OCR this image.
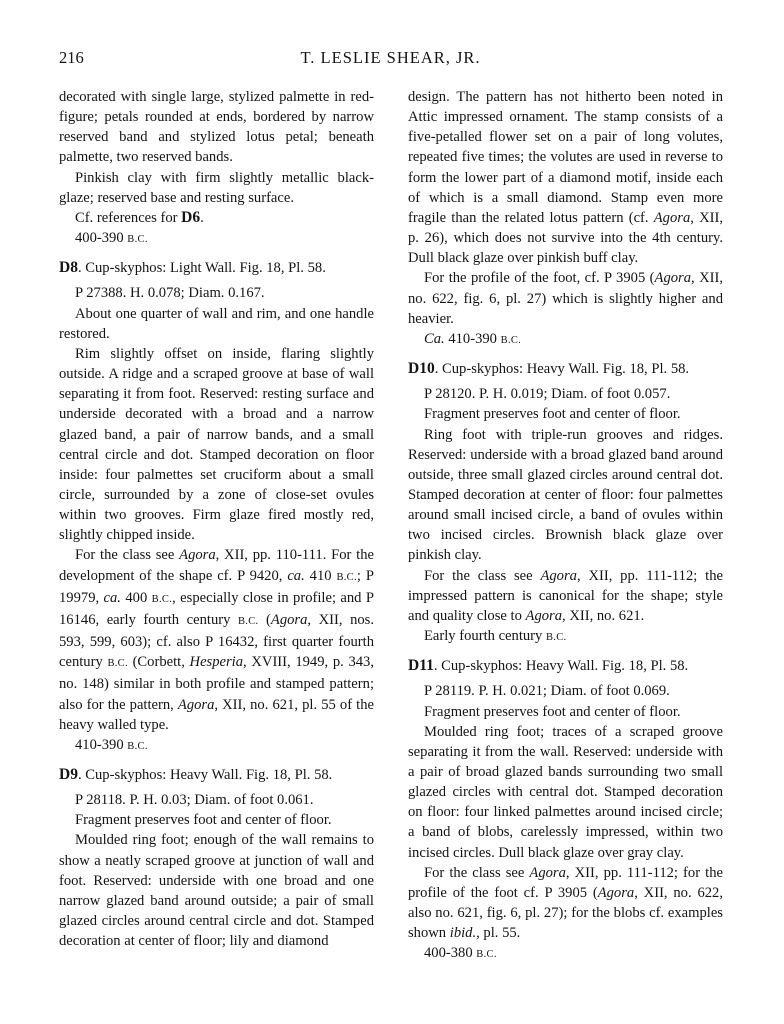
216	T. LESLIE SHEAR, JR.

decorated with single large, stylized palmette in red-figure; petals rounded at ends, bordered by narrow reserved band and stylized lotus petal; beneath palmette, two reserved bands.

Pinkish clay with firm slightly metallic black-glaze; reserved base and resting surface.

Cf. references for D6.

400-390 B.C.

D8. Cup-skyphos: Light Wall. Fig. 18, Pl. 58.

P 27388. H. 0.078; Diam. 0.167.

About one quarter of wall and rim, and one handle restored.

Rim slightly offset on inside, flaring slightly outside. A ridge and a scraped groove at base of wall separating it from foot. Reserved: resting surface and underside decorated with a broad and a narrow glazed band, a pair of narrow bands, and a small central circle and dot. Stamped decoration on floor inside: four palmettes set cruciform about a small circle, surrounded by a zone of close-set ovules within two grooves. Firm glaze fired mostly red, slightly chipped inside.

For the class see Agora, XII, pp. 110-111. For the development of the shape cf. P 9420, ca. 410 B.C.; P 19979, ca. 400 B.C., especially close in profile; and P 16146, early fourth century B.C. (Agora, XII, nos. 593, 599, 603); cf. also P 16432, first quarter fourth century B.C. (Corbett, Hesperia, XVIII, 1949, p. 343, no. 148) similar in both profile and stamped pattern; also for the pattern, Agora, XII, no. 621, pl. 55 of the heavy walled type.

410-390 B.C.

D9. Cup-skyphos: Heavy Wall. Fig. 18, Pl. 58.

P 28118. P. H. 0.03; Diam. of foot 0.061.

Fragment preserves foot and center of floor.

Moulded ring foot; enough of the wall remains to show a neatly scraped groove at junction of wall and foot. Reserved: underside with one broad and one narrow glazed band around outside; a pair of small glazed circles around central circle and dot. Stamped decoration at center of floor; lily and diamond

design. The pattern has not hitherto been noted in Attic impressed ornament. The stamp consists of a five-petalled flower set on a pair of long volutes, repeated five times; the volutes are used in reverse to form the lower part of a diamond motif, inside each of which is a small diamond. Stamp even more fragile than the related lotus pattern (cf. Agora, XII, p. 26), which does not survive into the 4th century. Dull black glaze over pinkish buff clay.

For the profile of the foot, cf. P 3905 (Agora, XII, no. 622, fig. 6, pl. 27) which is slightly higher and heavier.

Ca. 410-390 B.C.

D10. Cup-skyphos: Heavy Wall. Fig. 18, Pl. 58.

P 28120. P. H. 0.019; Diam. of foot 0.057.

Fragment preserves foot and center of floor.

Ring foot with triple-run grooves and ridges. Reserved: underside with a broad glazed band around outside, three small glazed circles around central dot. Stamped decoration at center of floor: four palmettes around small incised circle, a band of ovules within two incised circles. Brownish black glaze over pinkish clay.

For the class see Agora, XII, pp. 111-112; the impressed pattern is canonical for the shape; style and quality close to Agora, XII, no. 621.

Early fourth century B.C.

D11. Cup-skyphos: Heavy Wall. Fig. 18, Pl. 58.

P 28119. P. H. 0.021; Diam. of foot 0.069.

Fragment preserves foot and center of floor.

Moulded ring foot; traces of a scraped groove separating it from the wall. Reserved: underside with a pair of broad glazed bands surrounding two small glazed circles with central dot. Stamped decoration on floor: four linked palmettes around incised circle; a band of blobs, carelessly impressed, within two incised circles. Dull black glaze over gray clay.

For the class see Agora, XII, pp. 111-112; for the profile of the foot cf. P 3905 (Agora, XII, no. 622, also no. 621, fig. 6, pl. 27); for the blobs cf. examples shown ibid., pl. 55.

400-380 B.C.
